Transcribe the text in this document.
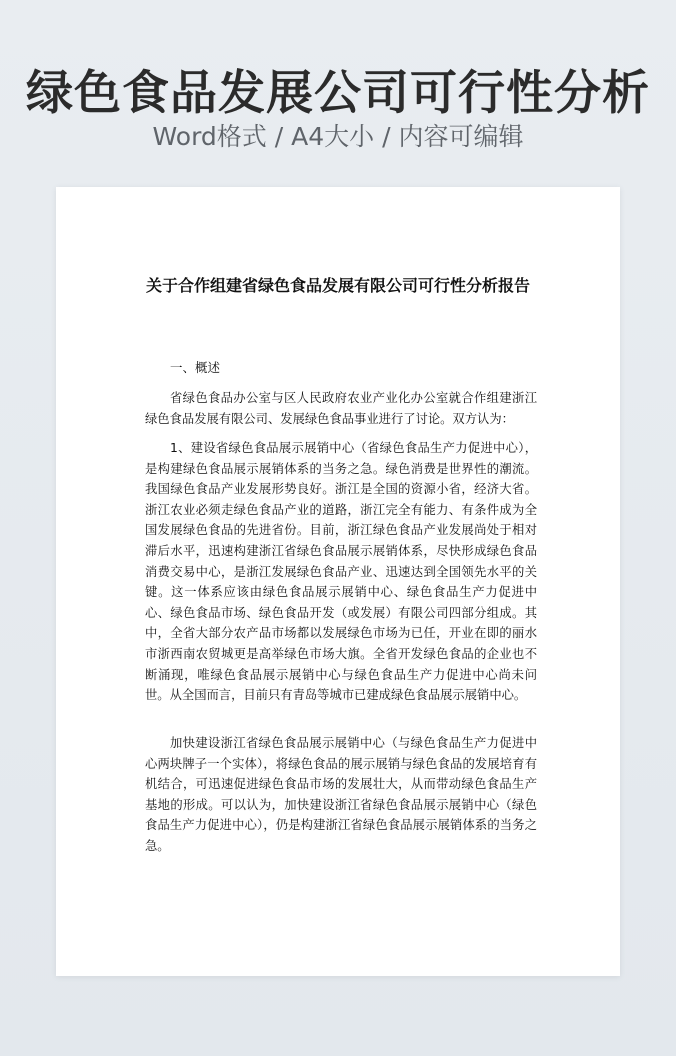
绿色食品发展公司可行性分析
Word格式 / A4大小 / 内容可编辑
关于合作组建省绿色食品发展有限公司可行性分析报告
一、概述

省绿色食品办公室与区人民政府农业产业化办公室就合作组建浙江绿色食品发展有限公司、发展绿色食品事业进行了讨论。双方认为：

1、建设省绿色食品展示展销中心（省绿色食品生产力促进中心），是构建绿色食品展示展销体系的当务之急。绿色消费是世界性的潮流。我国绿色食品产业发展形势良好。浙江是全国的资源小省，经济大省。浙江农业必须走绿色食品产业的道路，浙江完全有能力、有条件成为全国发展绿色食品的先进省份。目前，浙江绿色食品产业发展尚处于相对滞后水平，迅速构建浙江省绿色食品展示展销体系，尽快形成绿色食品消费交易中心，是浙江发展绿色食品产业、迅速达到全国领先水平的关键。这一体系应该由绿色食品展示展销中心、绿色食品生产力促进中心、绿色食品市场、绿色食品开发（或发展）有限公司四部分组成。其中，全省大部分农产品市场都以发展绿色市场为已任，开业在即的丽水市浙西南农贸城更是高举绿色市场大旗。全省开发绿色食品的企业也不断涌现，唯绿色食品展示展销中心与绿色食品生产力促进中心尚未问世。从全国而言，目前只有青岛等城市已建成绿色食品展示展销中心。

加快建设浙江省绿色食品展示展销中心（与绿色食品生产力促进中心两块牌子一个实体），将绿色食品的展示展销与绿色食品的发展培育有机结合，可迅速促进绿色食品市场的发展壮大，从而带动绿色食品生产基地的形成。可以认为，加快建设浙江省绿色食品展示展销中心（绿色食品生产力促进中心），仍是构建浙江省绿色食品展示展销体系的当务之急。
